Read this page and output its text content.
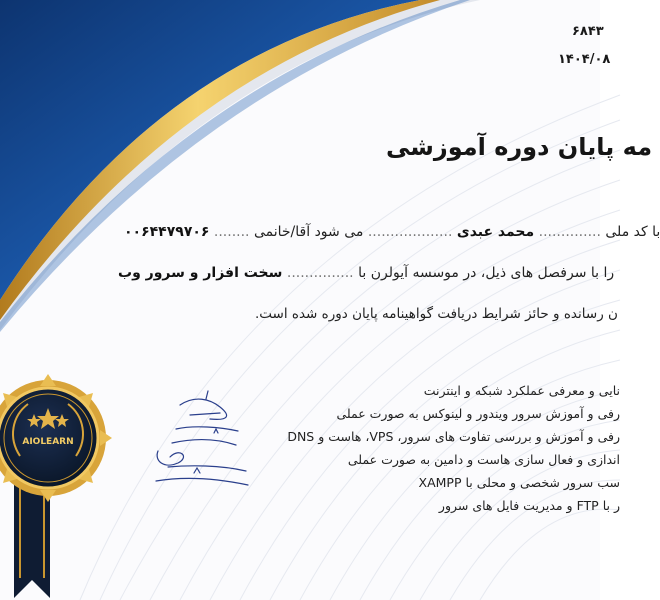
۶۸۴۳
۱۴۰۴/۰۸
مه پایان دوره آموزشی
۰۰۶۴۴۷۹۷۰۶ ........	با کد ملی .............. محمد عبدی ................... می شود آقا/خانمی
را با سرفصل های ذیل، در موسسه آیولرن با ............... سخت افزار و سرور وب
ن رسانده و حائز شرایط دریافت گواهینامه پایان دوره شده است.
نایی و معرفی عملکرد شبکه و اینترنت
رفی و آموزش سرور ویندور و لینوکس به صورت عملی
رفی و آموزش و بررسی تفاوت های سرور، VPS، هاست و DNS
اندازی و فعال سازی هاست و دامین به صورت عملی
سب سرور شخصی و محلی با XAMPP
ر با FTP و مدیریت فایل های سرور
AIOLEARN
